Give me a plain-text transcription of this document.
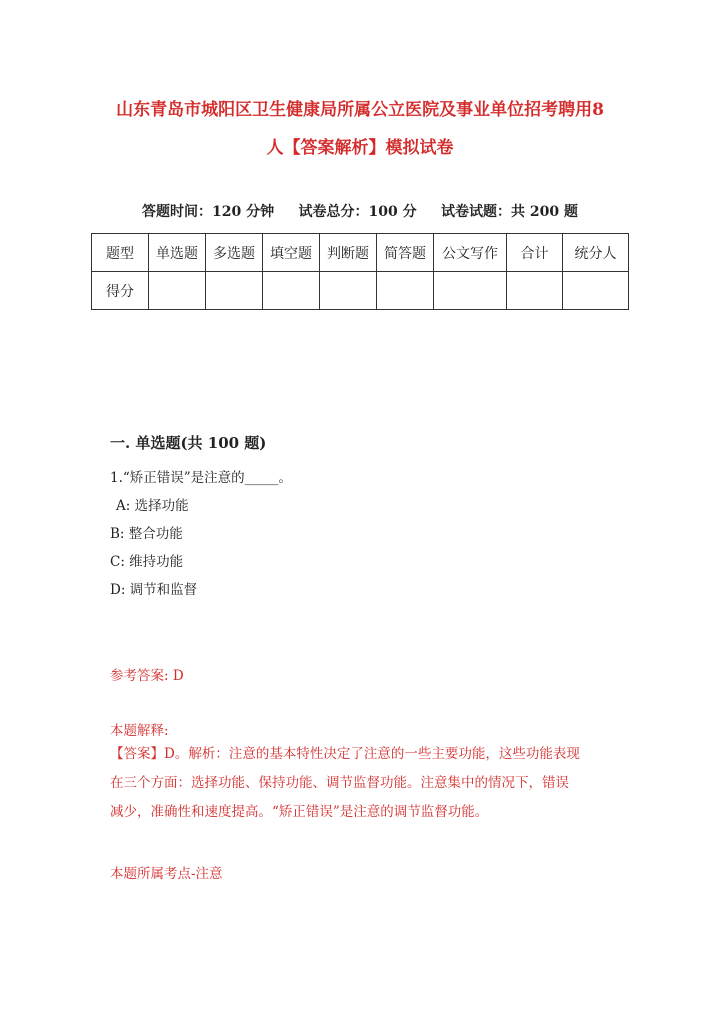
山东青岛市城阳区卫生健康局所属公立医院及事业单位招考聘用8
人【答案解析】模拟试卷
答题时间：120 分钟     试卷总分：100 分     试卷试题：共 200 题
题型	单选题	多选题	填空题	判断题	简答题	公文写作	合计	统分人
得分								
一. 单选题(共 100 题)
1.“矫正错误”是注意的_____。
A: 选择功能
B: 整合功能
C: 维持功能
D: 调节和监督
参考答案: D
本题解释:
【答案】D。解析：注意的基本特性决定了注意的一些主要功能，这些功能表现
在三个方面：选择功能、保持功能、调节监督功能。注意集中的情况下，错误
减少，准确性和速度提高。“矫正错误”是注意的调节监督功能。
本题所属考点-注意
